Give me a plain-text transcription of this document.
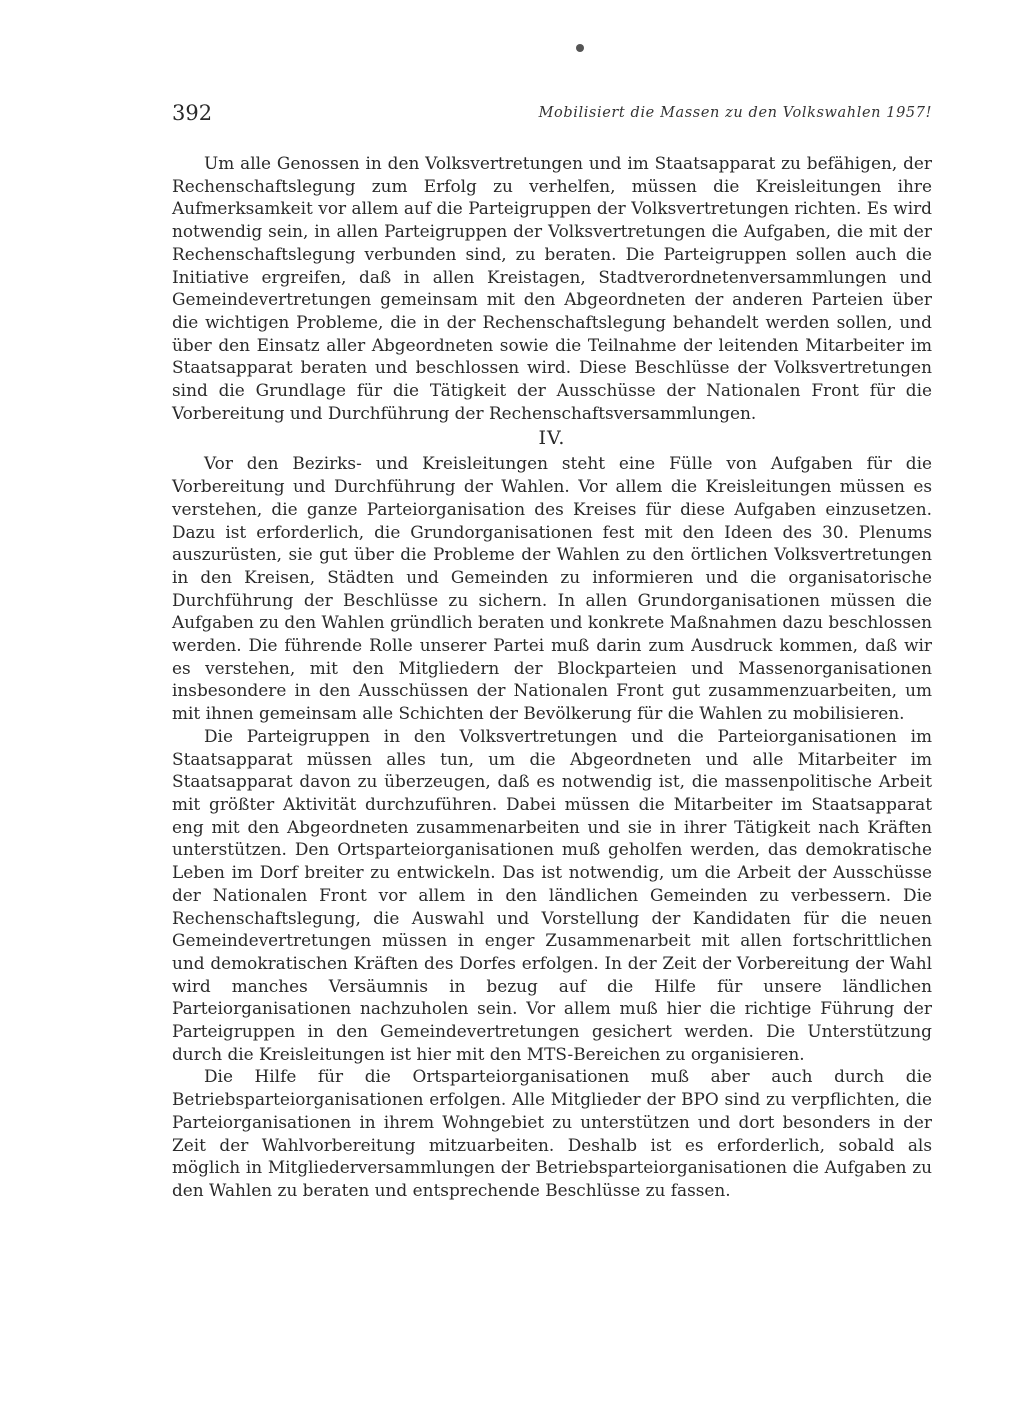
392	Mobilisiert die Massen zu den Volkswahlen 1957!

Um alle Genossen in den Volksvertretungen und im Staatsapparat zu befähigen, der Rechenschaftslegung zum Erfolg zu verhelfen, müssen die Kreisleitungen ihre Aufmerksamkeit vor allem auf die Parteigruppen der Volksvertretungen richten. Es wird notwendig sein, in allen Parteigruppen der Volksvertretungen die Aufgaben, die mit der Rechenschaftslegung verbunden sind, zu beraten. Die Parteigruppen sollen auch die Initiative ergreifen, daß in allen Kreistagen, Stadtverordnetenversammlungen und Gemeindevertretungen gemeinsam mit den Abgeordneten der anderen Parteien über die wichtigen Probleme, die in der Rechenschaftslegung behandelt werden sollen, und über den Einsatz aller Abgeordneten sowie die Teilnahme der leitenden Mitarbeiter im Staatsapparat beraten und beschlossen wird. Diese Beschlüsse der Volksvertretungen sind die Grundlage für die Tätigkeit der Ausschüsse der Nationalen Front für die Vorbereitung und Durchführung der Rechenschaftsversammlungen.

IV.

Vor den Bezirks- und Kreisleitungen steht eine Fülle von Aufgaben für die Vorbereitung und Durchführung der Wahlen. Vor allem die Kreisleitungen müssen es verstehen, die ganze Parteiorganisation des Kreises für diese Aufgaben einzusetzen. Dazu ist erforderlich, die Grundorganisationen fest mit den Ideen des 30. Plenums auszurüsten, sie gut über die Probleme der Wahlen zu den örtlichen Volksvertretungen in den Kreisen, Städten und Gemeinden zu informieren und die organisatorische Durchführung der Beschlüsse zu sichern. In allen Grundorganisationen müssen die Aufgaben zu den Wahlen gründlich beraten und konkrete Maßnahmen dazu beschlossen werden. Die führende Rolle unserer Partei muß darin zum Ausdruck kommen, daß wir es verstehen, mit den Mitgliedern der Blockparteien und Massenorganisationen insbesondere in den Ausschüssen der Nationalen Front gut zusammenzuarbeiten, um mit ihnen gemeinsam alle Schichten der Bevölkerung für die Wahlen zu mobilisieren.

Die Parteigruppen in den Volksvertretungen und die Parteiorganisationen im Staatsapparat müssen alles tun, um die Abgeordneten und alle Mitarbeiter im Staatsapparat davon zu überzeugen, daß es notwendig ist, die massenpolitische Arbeit mit größter Aktivität durchzuführen. Dabei müssen die Mitarbeiter im Staatsapparat eng mit den Abgeordneten zusammenarbeiten und sie in ihrer Tätigkeit nach Kräften unterstützen. Den Ortsparteiorganisationen muß geholfen werden, das demokratische Leben im Dorf breiter zu entwickeln. Das ist notwendig, um die Arbeit der Ausschüsse der Nationalen Front vor allem in den ländlichen Gemeinden zu verbessern. Die Rechenschaftslegung, die Auswahl und Vorstellung der Kandidaten für die neuen Gemeindevertretungen müssen in enger Zusammenarbeit mit allen fortschrittlichen und demokratischen Kräften des Dorfes erfolgen. In der Zeit der Vorbereitung der Wahl wird manches Versäumnis in bezug auf die Hilfe für unsere ländlichen Parteiorganisationen nachzuholen sein. Vor allem muß hier die richtige Führung der Parteigruppen in den Gemeindevertretungen gesichert werden. Die Unterstützung durch die Kreisleitungen ist hier mit den MTS-Bereichen zu organisieren.

Die Hilfe für die Ortsparteiorganisationen muß aber auch durch die Betriebsparteiorganisationen erfolgen. Alle Mitglieder der BPO sind zu verpflichten, die Parteiorganisationen in ihrem Wohngebiet zu unterstützen und dort besonders in der Zeit der Wahlvorbereitung mitzuarbeiten. Deshalb ist es erforderlich, sobald als möglich in Mitgliederversammlungen der Betriebsparteiorganisationen die Aufgaben zu den Wahlen zu beraten und entsprechende Beschlüsse zu fassen.
